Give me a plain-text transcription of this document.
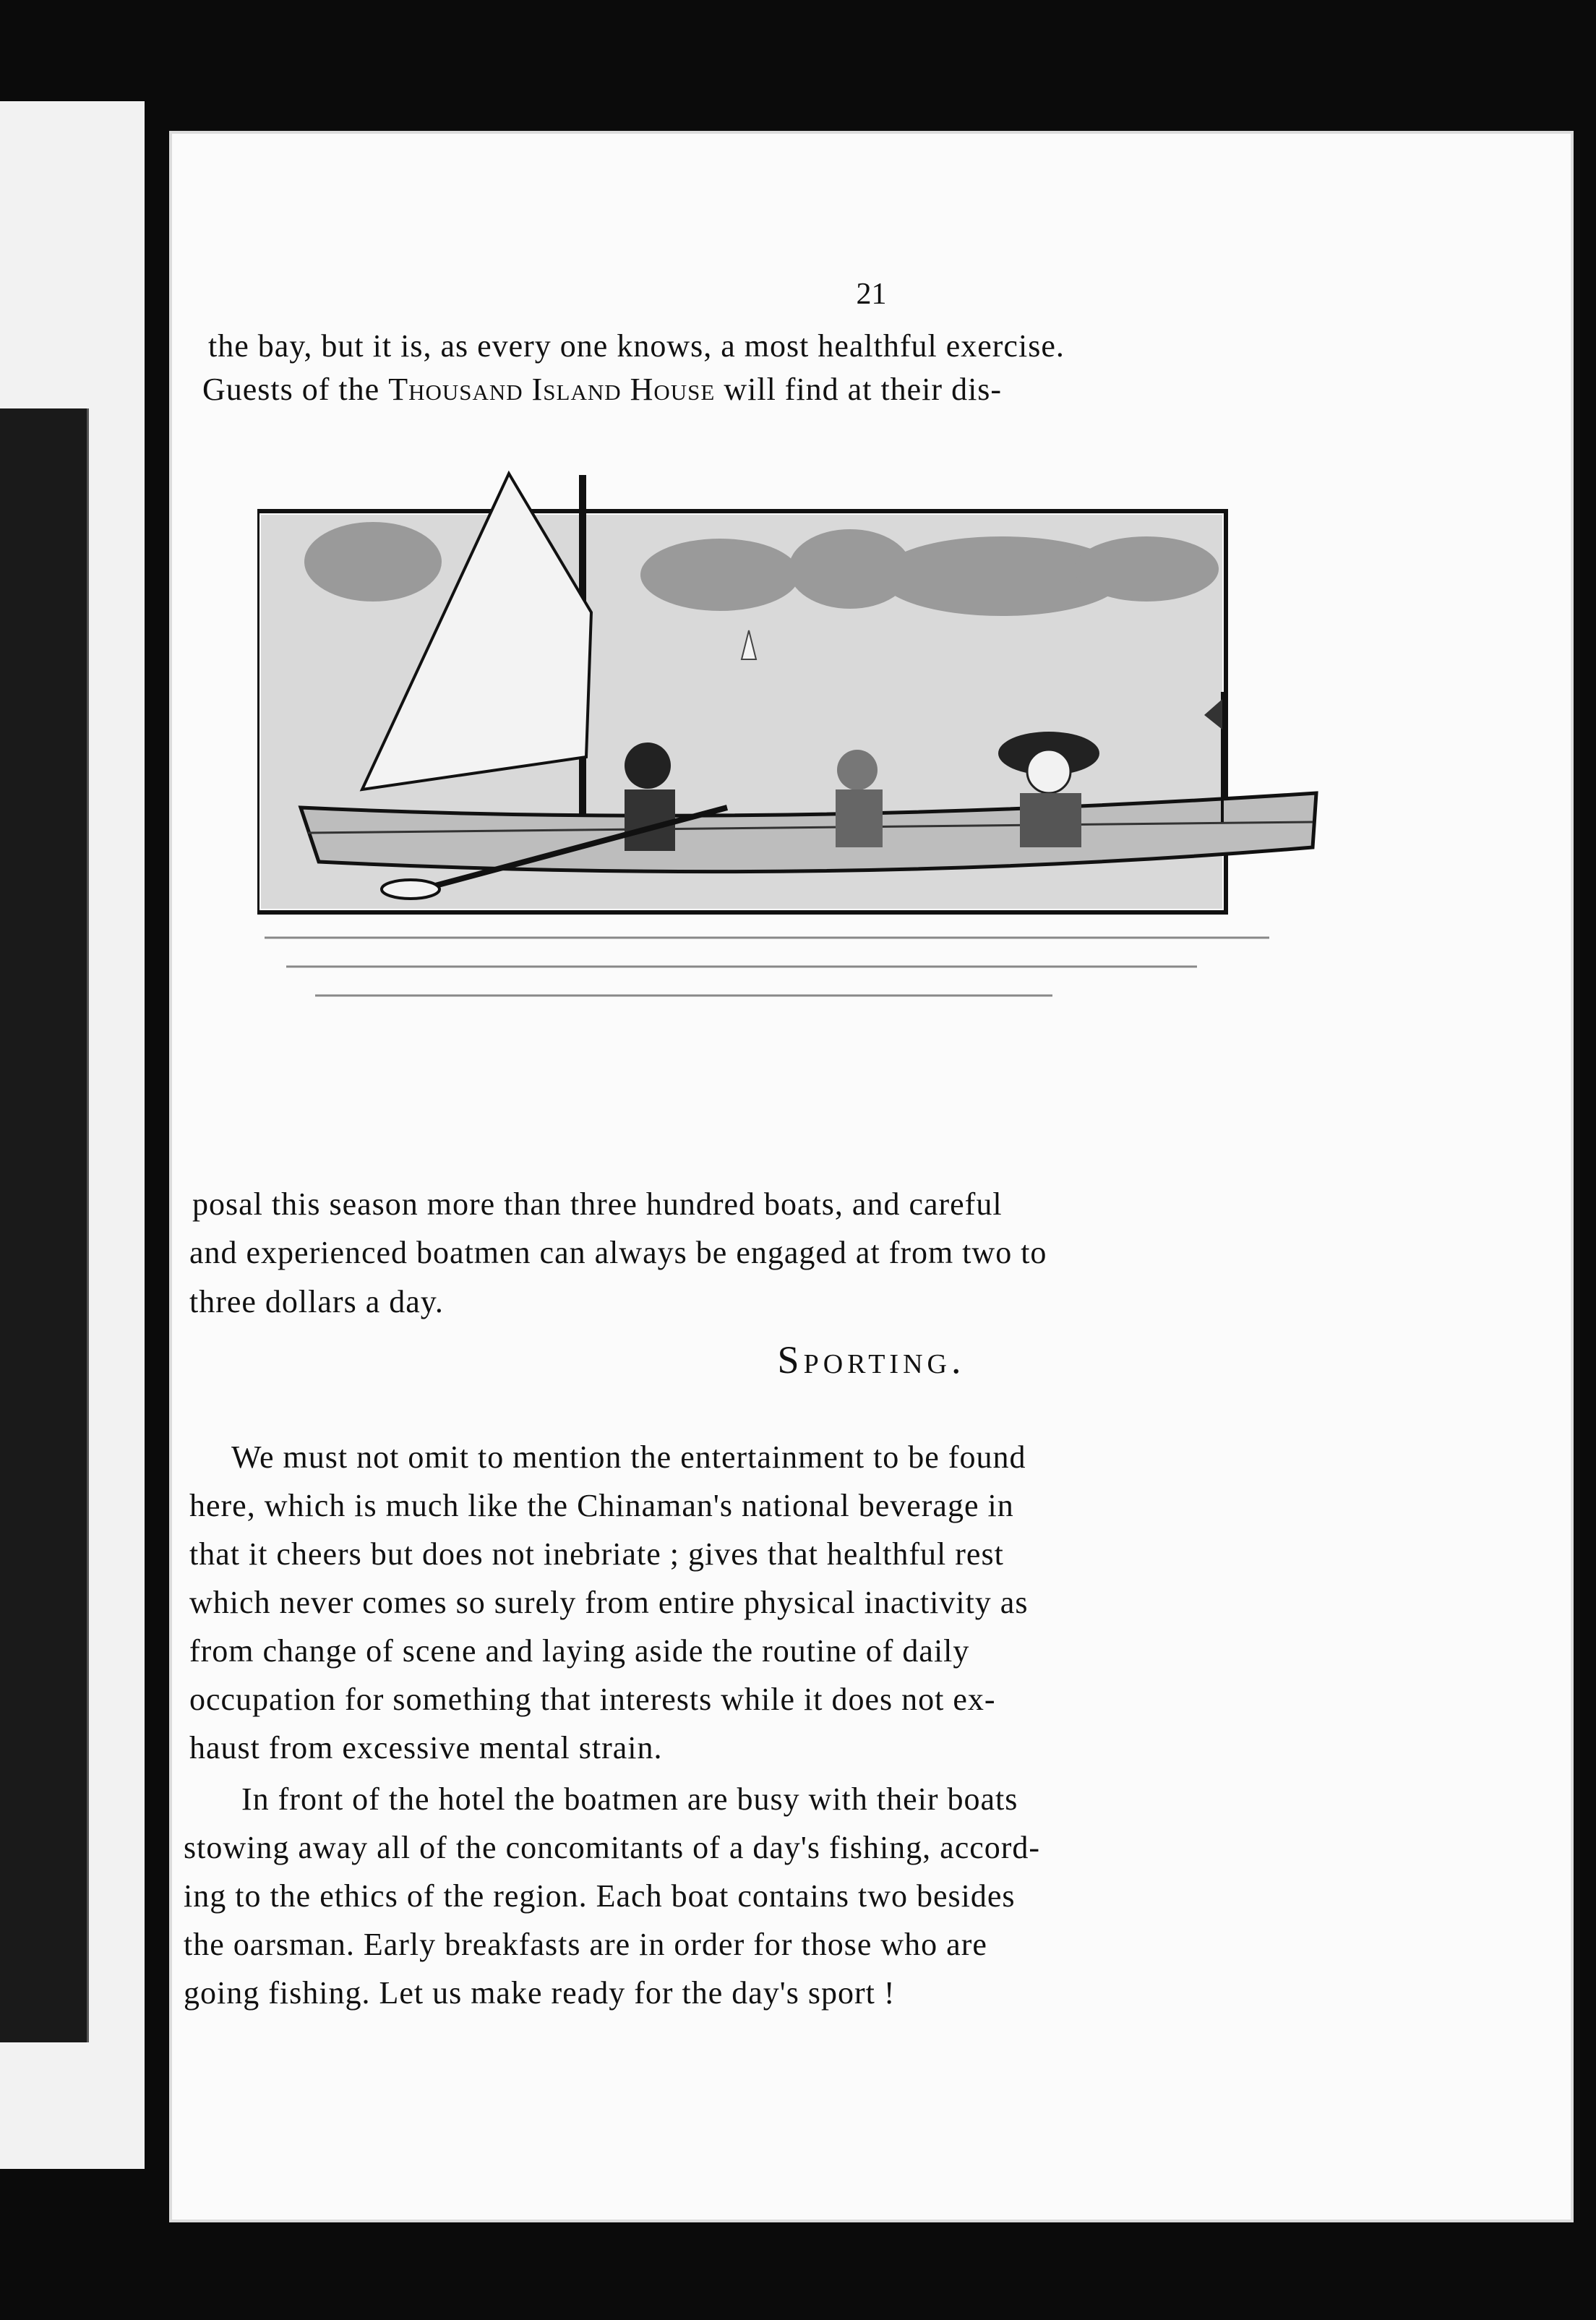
21
the bay, but it is, as every one knows, a most healthful exercise.
Guests of the Thousand Island House will find at their dis-
posal this season more than three hundred boats, and careful
and experienced boatmen can always be engaged at from two to
three dollars a day.
Sporting.
We must not omit to mention the entertainment to be found
here, which is much like the Chinaman's national beverage in
that it cheers but does not inebriate ; gives that healthful rest
which never comes so surely from entire physical inactivity as
from change of scene and laying aside the routine of daily
occupation for something that interests while it does not ex-
haust from excessive mental strain.
In front of the hotel the boatmen are busy with their boats
stowing away all of the concomitants of a day's fishing, accord-
ing to the ethics of the region. Each boat contains two besides
the oarsman. Early breakfasts are in order for those who are
going fishing. Let us make ready for the day's sport !
